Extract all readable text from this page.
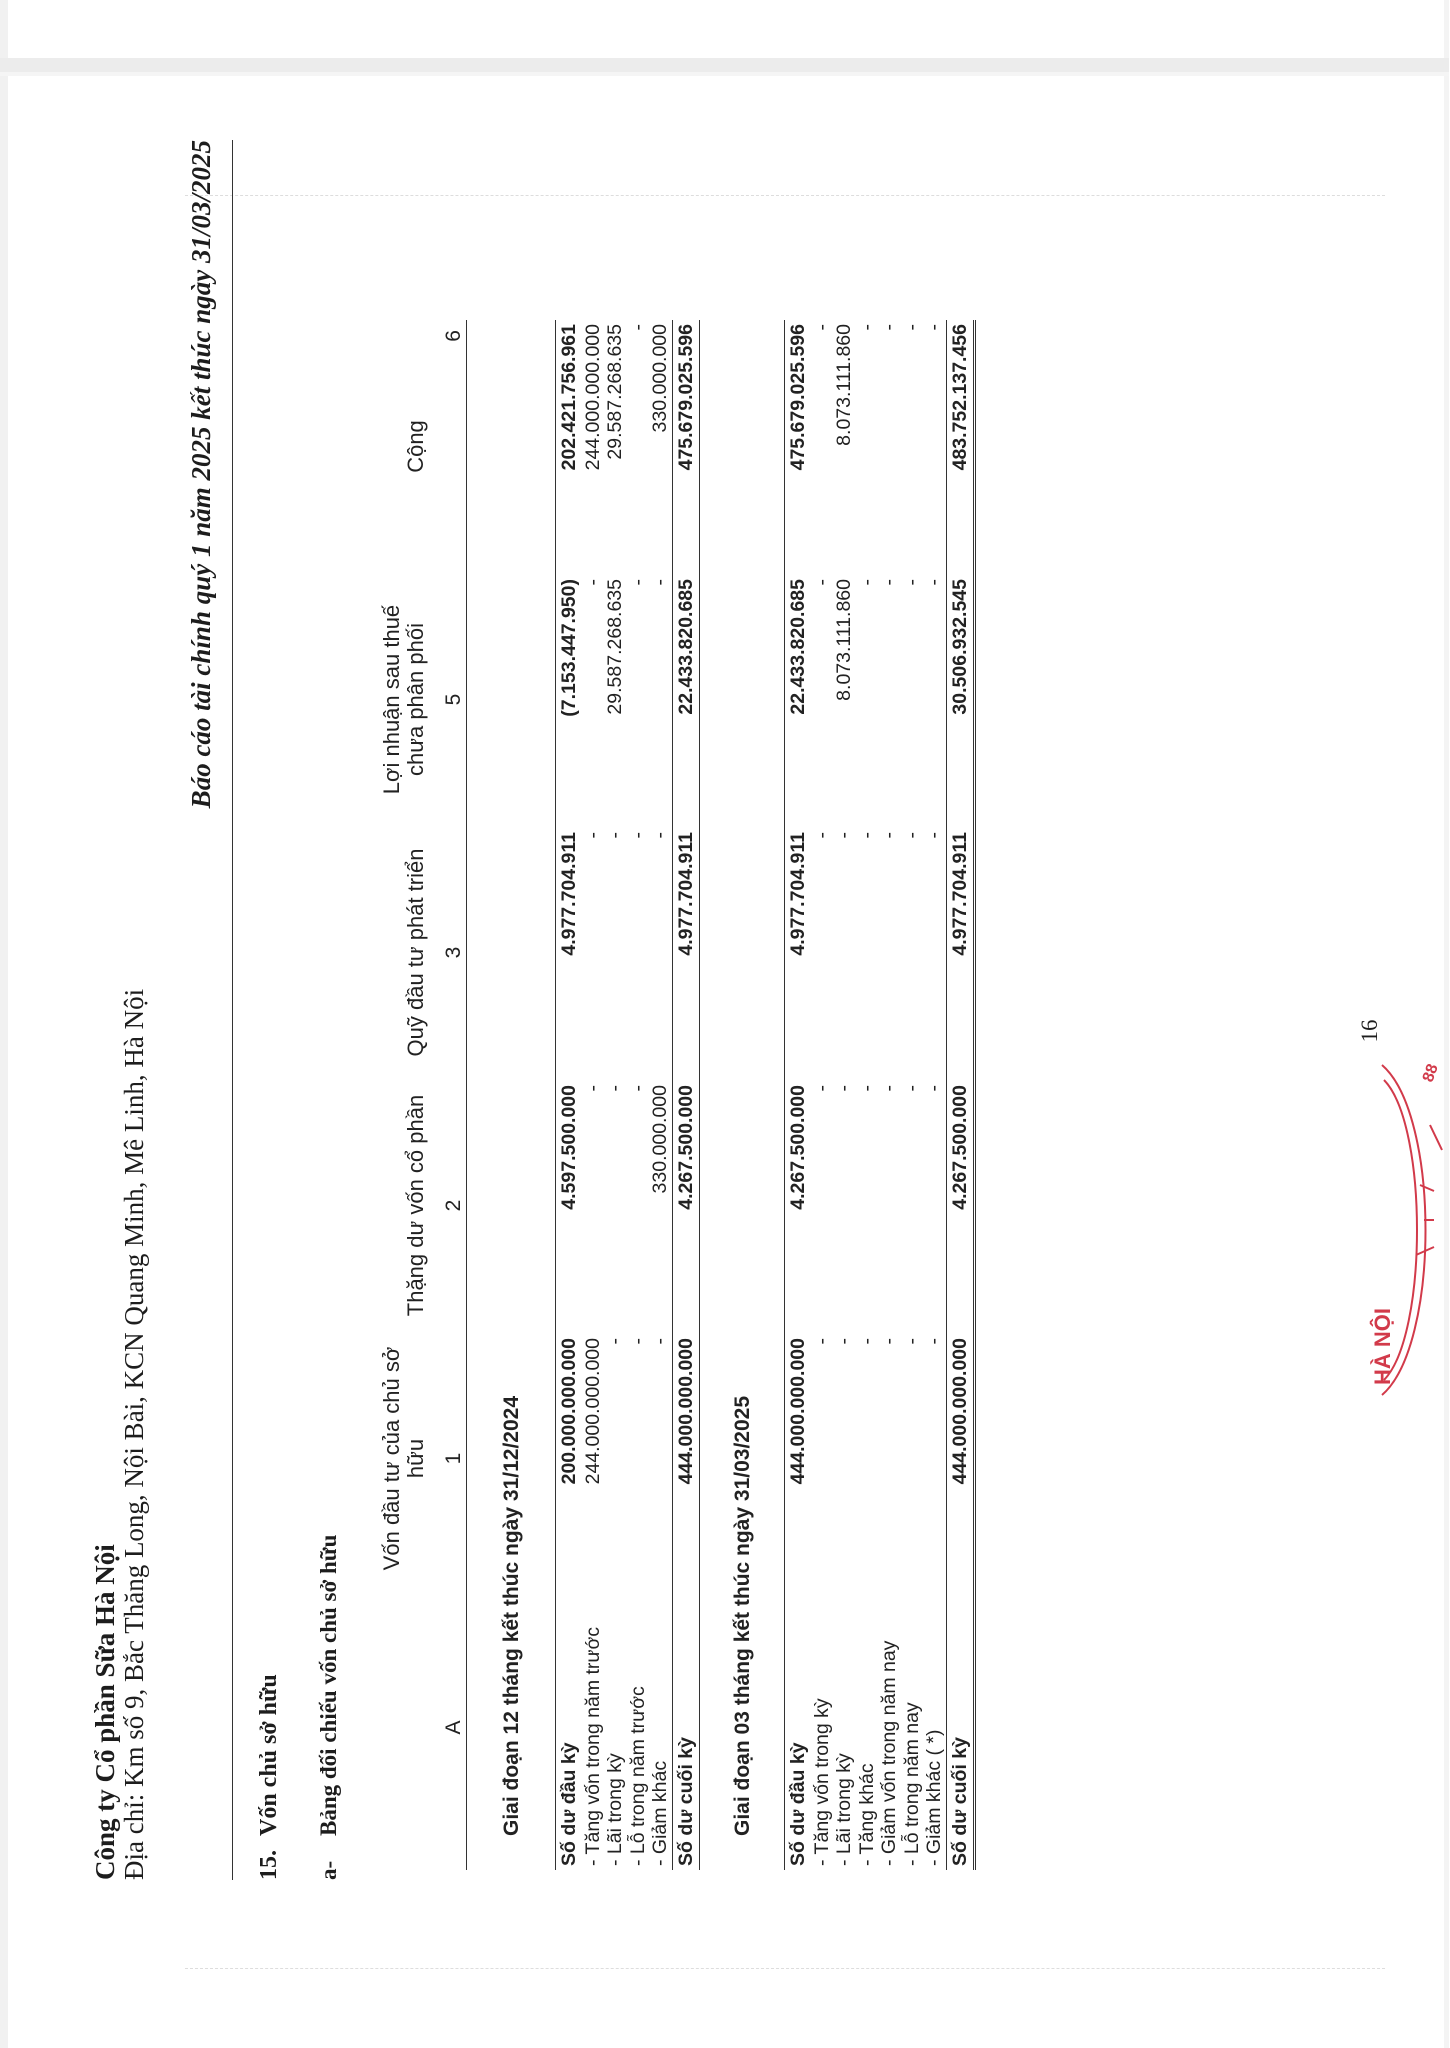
Công ty Cổ phần Sữa Hà Nội Địa chỉ: Km số 9, Bắc Thăng Long, Nội Bài, KCN Quang Minh, Mê Linh, Hà Nội
Báo cáo tài chính quý 1 năm 2025 kết thúc ngày 31/03/2025
15.
Vốn chủ sở hữu
a-
Bảng đối chiếu vốn chủ sở hữu
	Vốn đầu tư của chủ sở hữu	Thặng dư vốn cổ phần	Quỹ đầu tư phát triển	Lợi nhuận sau thuế chưa phân phối	Cộng
A	1	2	3	5	6
Giai đoạn 12 tháng kết thúc ngày 31/12/2024					
Số dư đầu kỳ	200.000.000.000	4.597.500.000	4.977.704.911	(7.153.447.950)	202.421.756.961
- Tăng vốn trong năm trước	244.000.000.000	-	-	-	244.000.000.000
- Lãi trong kỳ	-	-	-	29.587.268.635	29.587.268.635
- Lỗ trong năm trước	-	-	-	-	-
- Giảm khác	-	330.000.000	-	-	330.000.000
Số dư cuối kỳ	444.000.000.000	4.267.500.000	4.977.704.911	22.433.820.685	475.679.025.596
Giai đoạn 03 tháng kết thúc ngày 31/03/2025					
Số dư đầu kỳ	444.000.000.000	4.267.500.000	4.977.704.911	22.433.820.685	475.679.025.596
- Tăng vốn trong kỳ	-	-	-	-	-
- Lãi trong kỳ	-	-	-	8.073.111.860	8.073.111.860
- Tăng khác	-	-	-	-	-
- Giảm vốn trong năm nay	-	-	-	-	-
- Lỗ trong năm nay	-	-	-	-	-
- Giảm khác ( *)	-	-	-	-	-
Số dư cuối kỳ	444.000.000.000	4.267.500.000	4.977.704.911	30.506.932.545	483.752.137.456
HÀ NỘI
88
16
